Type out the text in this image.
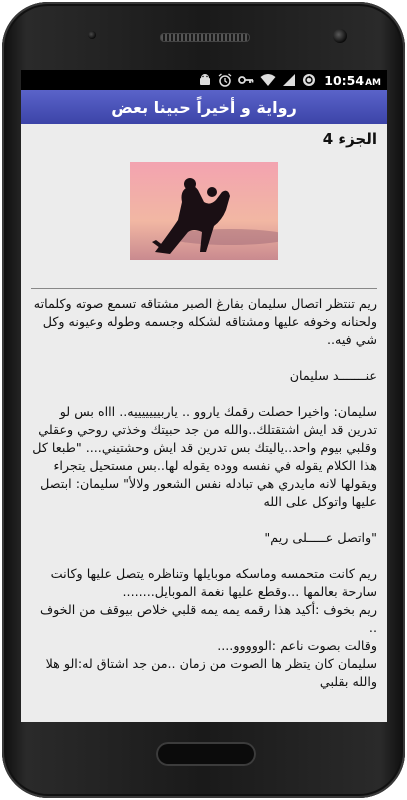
10:54AM
رواية و أخيراً حبينا بعض
الجزء 4

ريم تنتظر اتصال سليمان بفارغ الصبر مشتاقه تسمع صوته وكلماته ولحنانه وخوفه عليها ومشتاقه لشكله وجسمه وطوله وعيونه وكل شي فيه..

عنـــــــد سليمان

سليمان: واخيرا حصلت رقمك ياروو .. ياربيييييييه.. اااه بس لو تدرين قد ايش اشتقتلك..والله من جد حبيتك وخذتي روحي وعقلي وقلبي بيوم واحد..ياليتك بس تدرين قد ايش وحشتيني.... "طبعا كل هذا الكلام يقوله في نفسه ووده يقوله لها..بس مستحيل يتجراء ويقولها لانه مايدري هي تبادله نفس الشعور ولالأ" سليمان: ابتصل عليها واتوكل على الله

"واتصل عـــــلى ريم"

ريم كانت متحمسه وماسكه موبايلها وتناظره يتصل عليها وكانت سارحة بعالمها ...وقطع عليها نغمة الموبايل........
ريم بخوف :أكيد هذا رقمه يمه يمه قلبي خلاص بيوقف من الخوف ..
وقالت بصوت ناعم :الووووو....
سليمان كان يتظر ها الصوت من زمان ..من جد اشتاق له:الو هلا والله بقلبي
